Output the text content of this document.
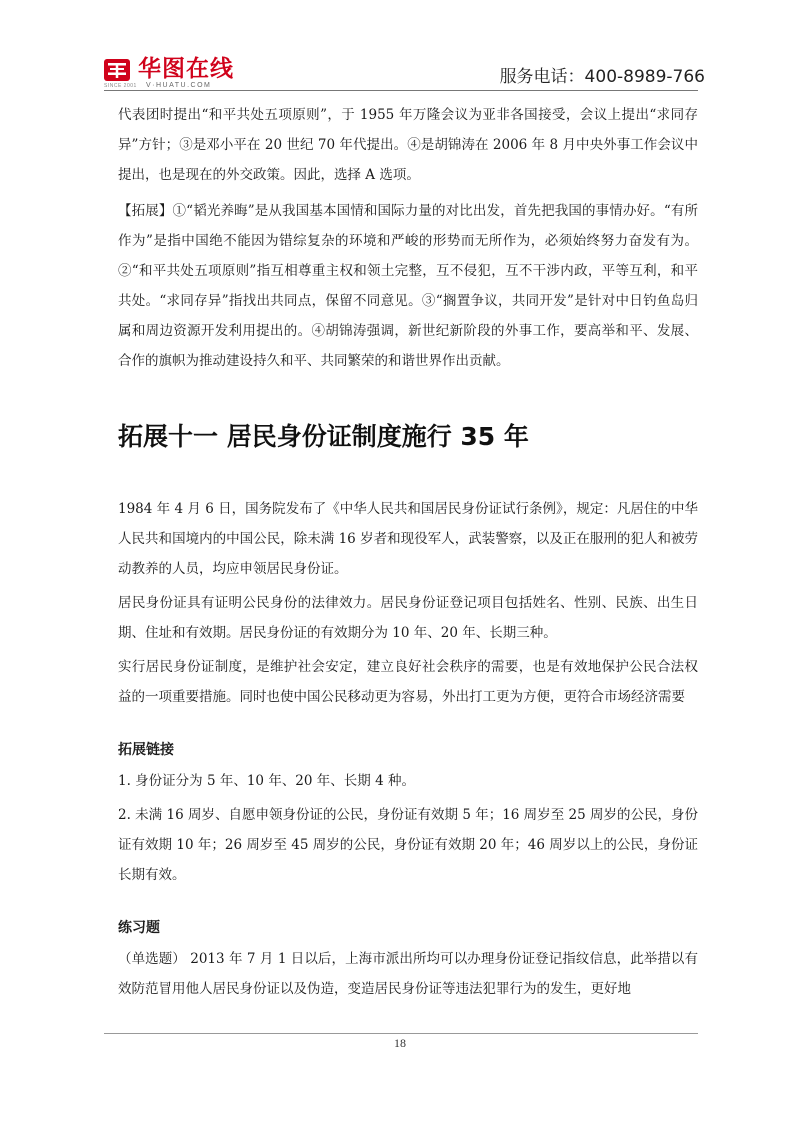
SINCE 2001
华图在线
V·HUATU.COM	服务电话：400-8989-766

代表团时提出“和平共处五项原则”，于 1955 年万隆会议为亚非各国接受，会议上提出“求同存异”方针；③是邓小平在 20 世纪 70 年代提出。④是胡锦涛在 2006 年 8 月中央外事工作会议中提出，也是现在的外交政策。因此，选择 A 选项。

【拓展】①“韬光养晦”是从我国基本国情和国际力量的对比出发，首先把我国的事情办好。“有所作为”是指中国绝不能因为错综复杂的环境和严峻的形势而无所作为，必须始终努力奋发有为。②“和平共处五项原则”指互相尊重主权和领土完整，互不侵犯，互不干涉内政，平等互利，和平共处。“求同存异”指找出共同点，保留不同意见。③“搁置争议，共同开发”是针对中日钓鱼岛归属和周边资源开发利用提出的。④胡锦涛强调，新世纪新阶段的外事工作，要高举和平、发展、合作的旗帜为推动建设持久和平、共同繁荣的和谐世界作出贡献。

拓展十一 居民身份证制度施行 35 年

1984 年 4 月 6 日，国务院发布了《中华人民共和国居民身份证试行条例》，规定：凡居住的中华人民共和国境内的中国公民，除未满 16 岁者和现役军人，武装警察，以及正在服刑的犯人和被劳动教养的人员，均应申领居民身份证。

居民身份证具有证明公民身份的法律效力。居民身份证登记项目包括姓名、性别、民族、出生日期、住址和有效期。居民身份证的有效期分为 10 年、20 年、长期三种。

实行居民身份证制度，是维护社会安定，建立良好社会秩序的需要，也是有效地保护公民合法权益的一项重要措施。同时也使中国公民移动更为容易，外出打工更为方便，更符合市场经济需要

拓展链接

1. 身份证分为 5 年、10 年、20 年、长期 4 种。

2. 未满 16 周岁、自愿申领身份证的公民，身份证有效期 5 年；16 周岁至 25 周岁的公民，身份证有效期 10 年；26 周岁至 45 周岁的公民，身份证有效期 20 年；46 周岁以上的公民，身份证长期有效。

练习题

（单选题） 2013 年 7 月 1 日以后，上海市派出所均可以办理身份证登记指纹信息，此举措以有效防范冒用他人居民身份证以及伪造，变造居民身份证等违法犯罪行为的发生，更好地

18
